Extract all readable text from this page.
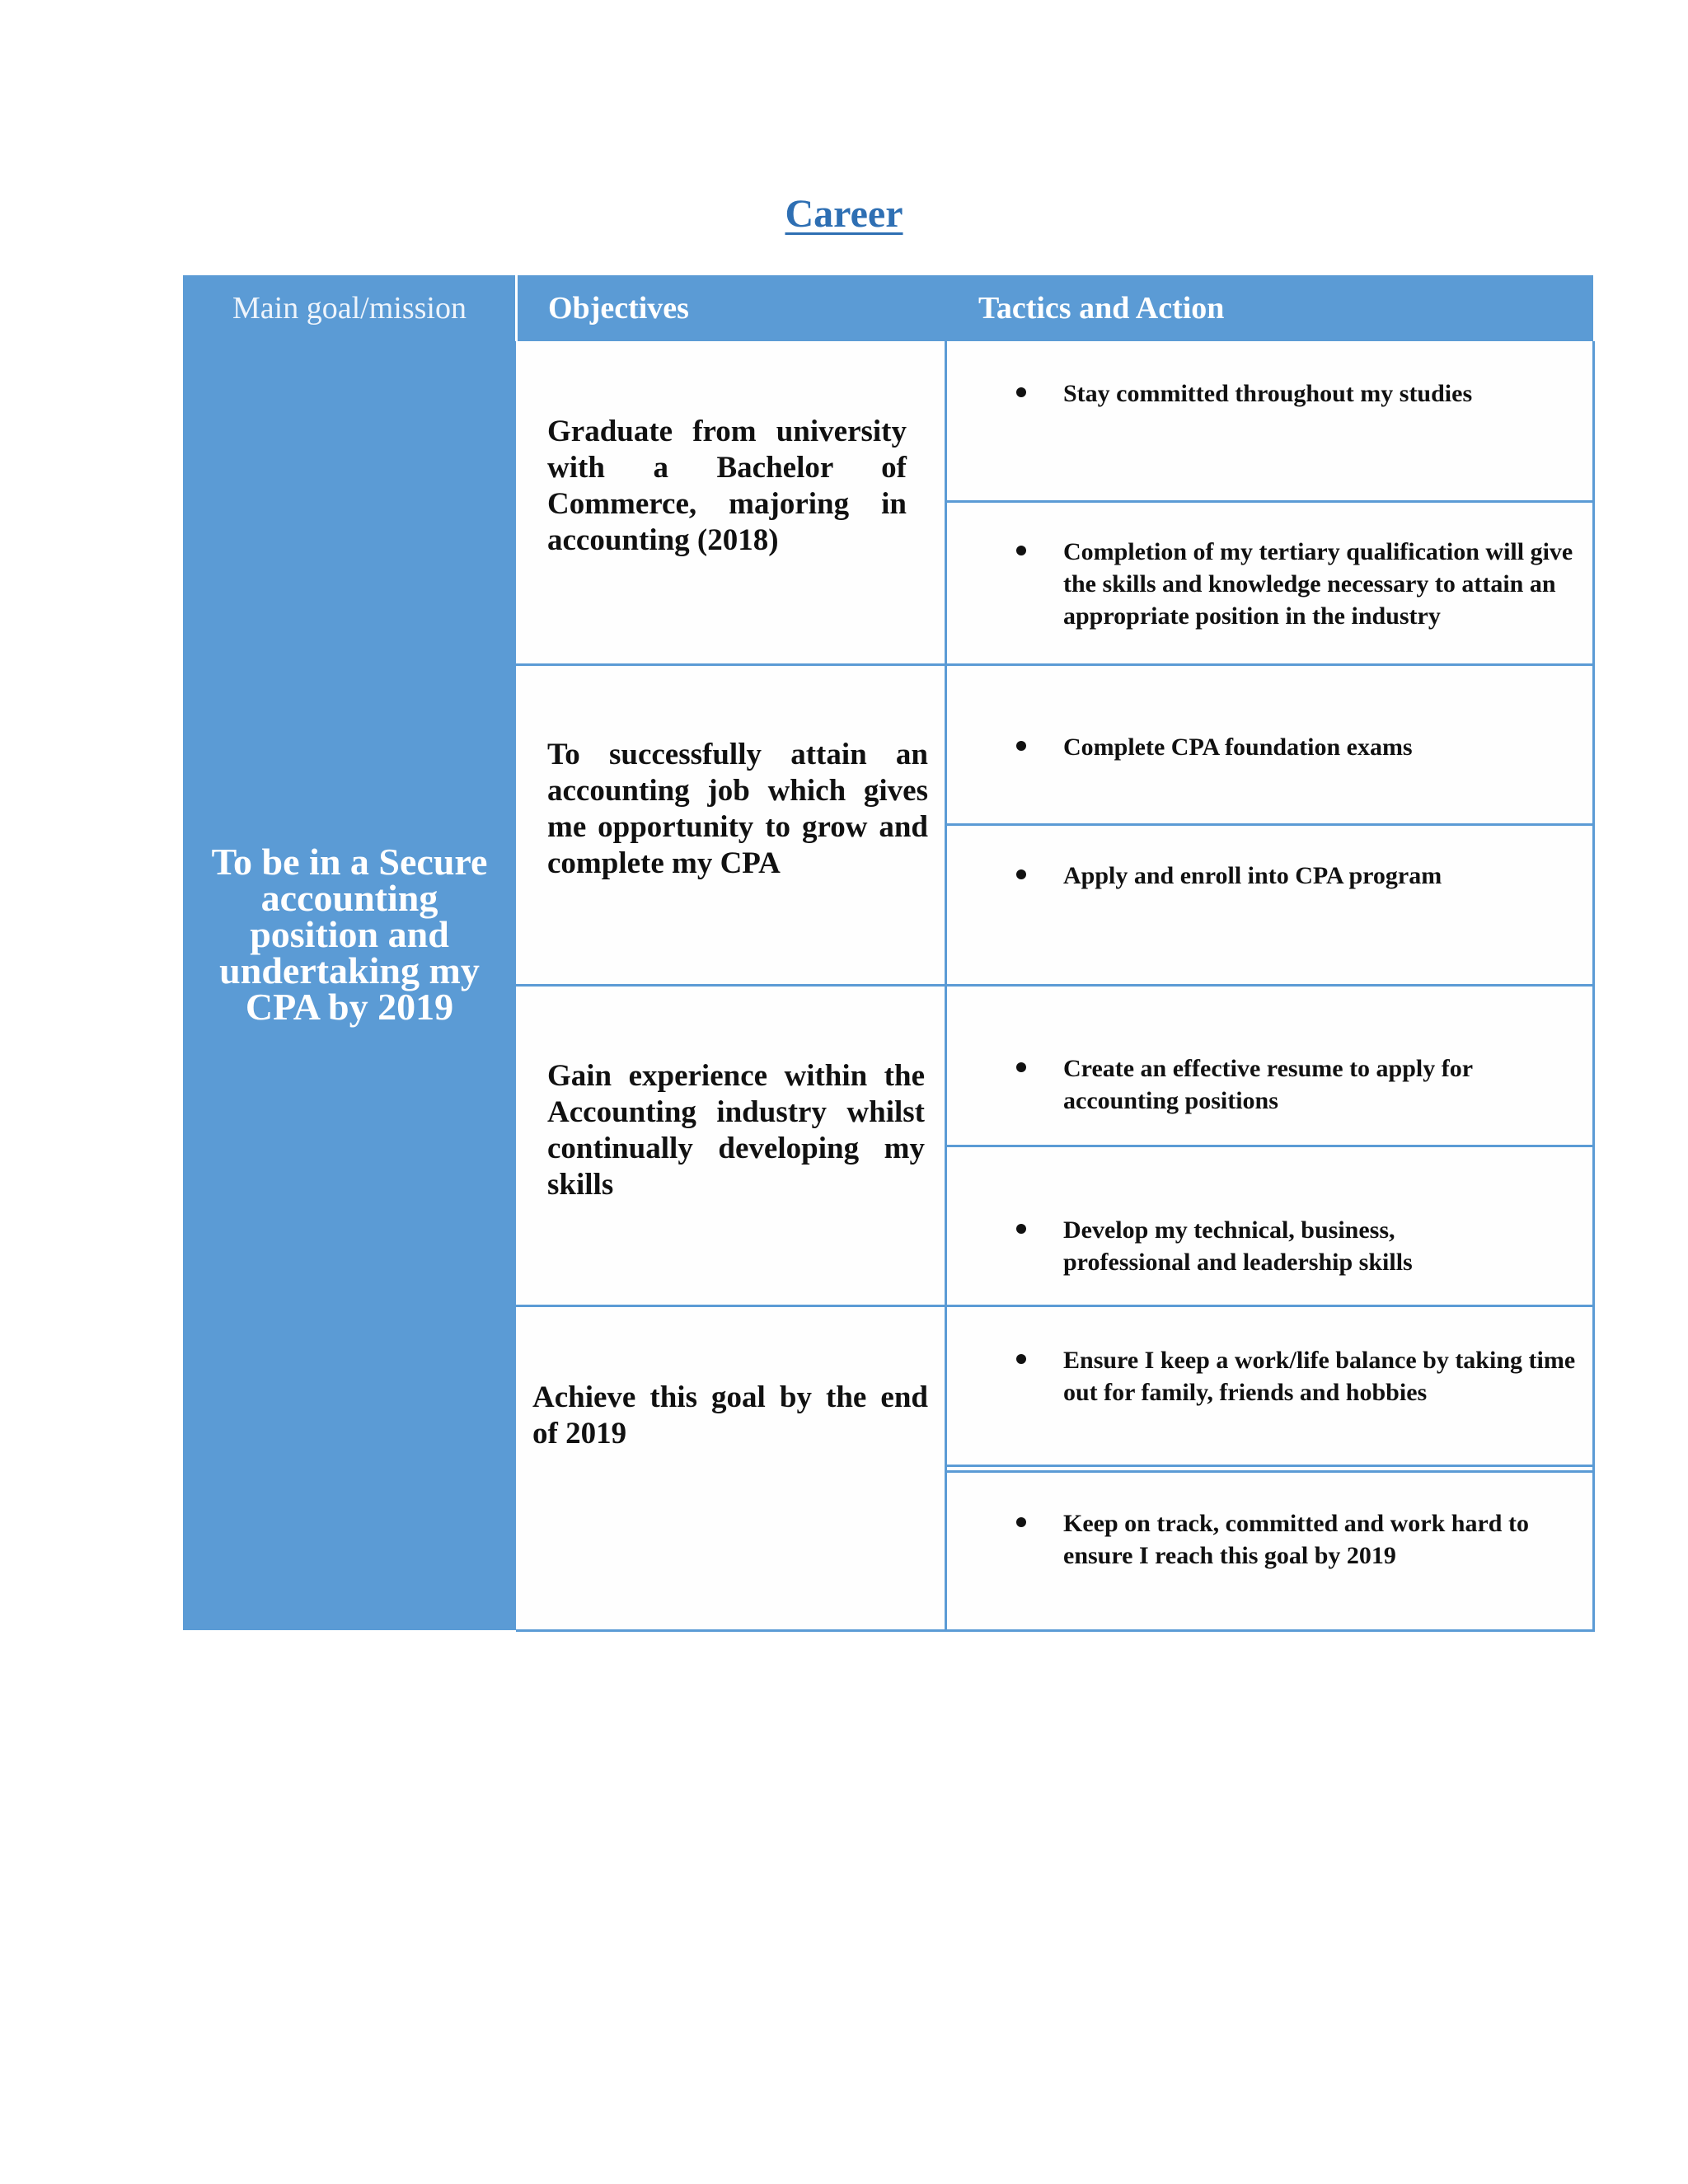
Career
Main goal/mission
To be in a Secure
accounting
position and
undertaking my
CPA by 2019
Objectives	Tactics and Action
Graduate from university with a Bachelor of Commerce, majoring in accounting (2018)
To successfully attain an accounting job which gives me opportunity to grow and complete my CPA
Gain experience within the Accounting industry whilst continually developing my skills
Achieve this goal by the end of 2019
Stay committed throughout my studies
Completion of my tertiary qualification will give the skills and knowledge necessary to attain an appropriate position in the industry
Complete CPA foundation exams
Apply and enroll into CPA program
Create an effective resume to apply for accounting positions
Develop my technical, business, professional and leadership skills
Ensure I keep a work/life balance by taking time out for family, friends and hobbies
Keep on track, committed and work hard to ensure I reach this goal by 2019
